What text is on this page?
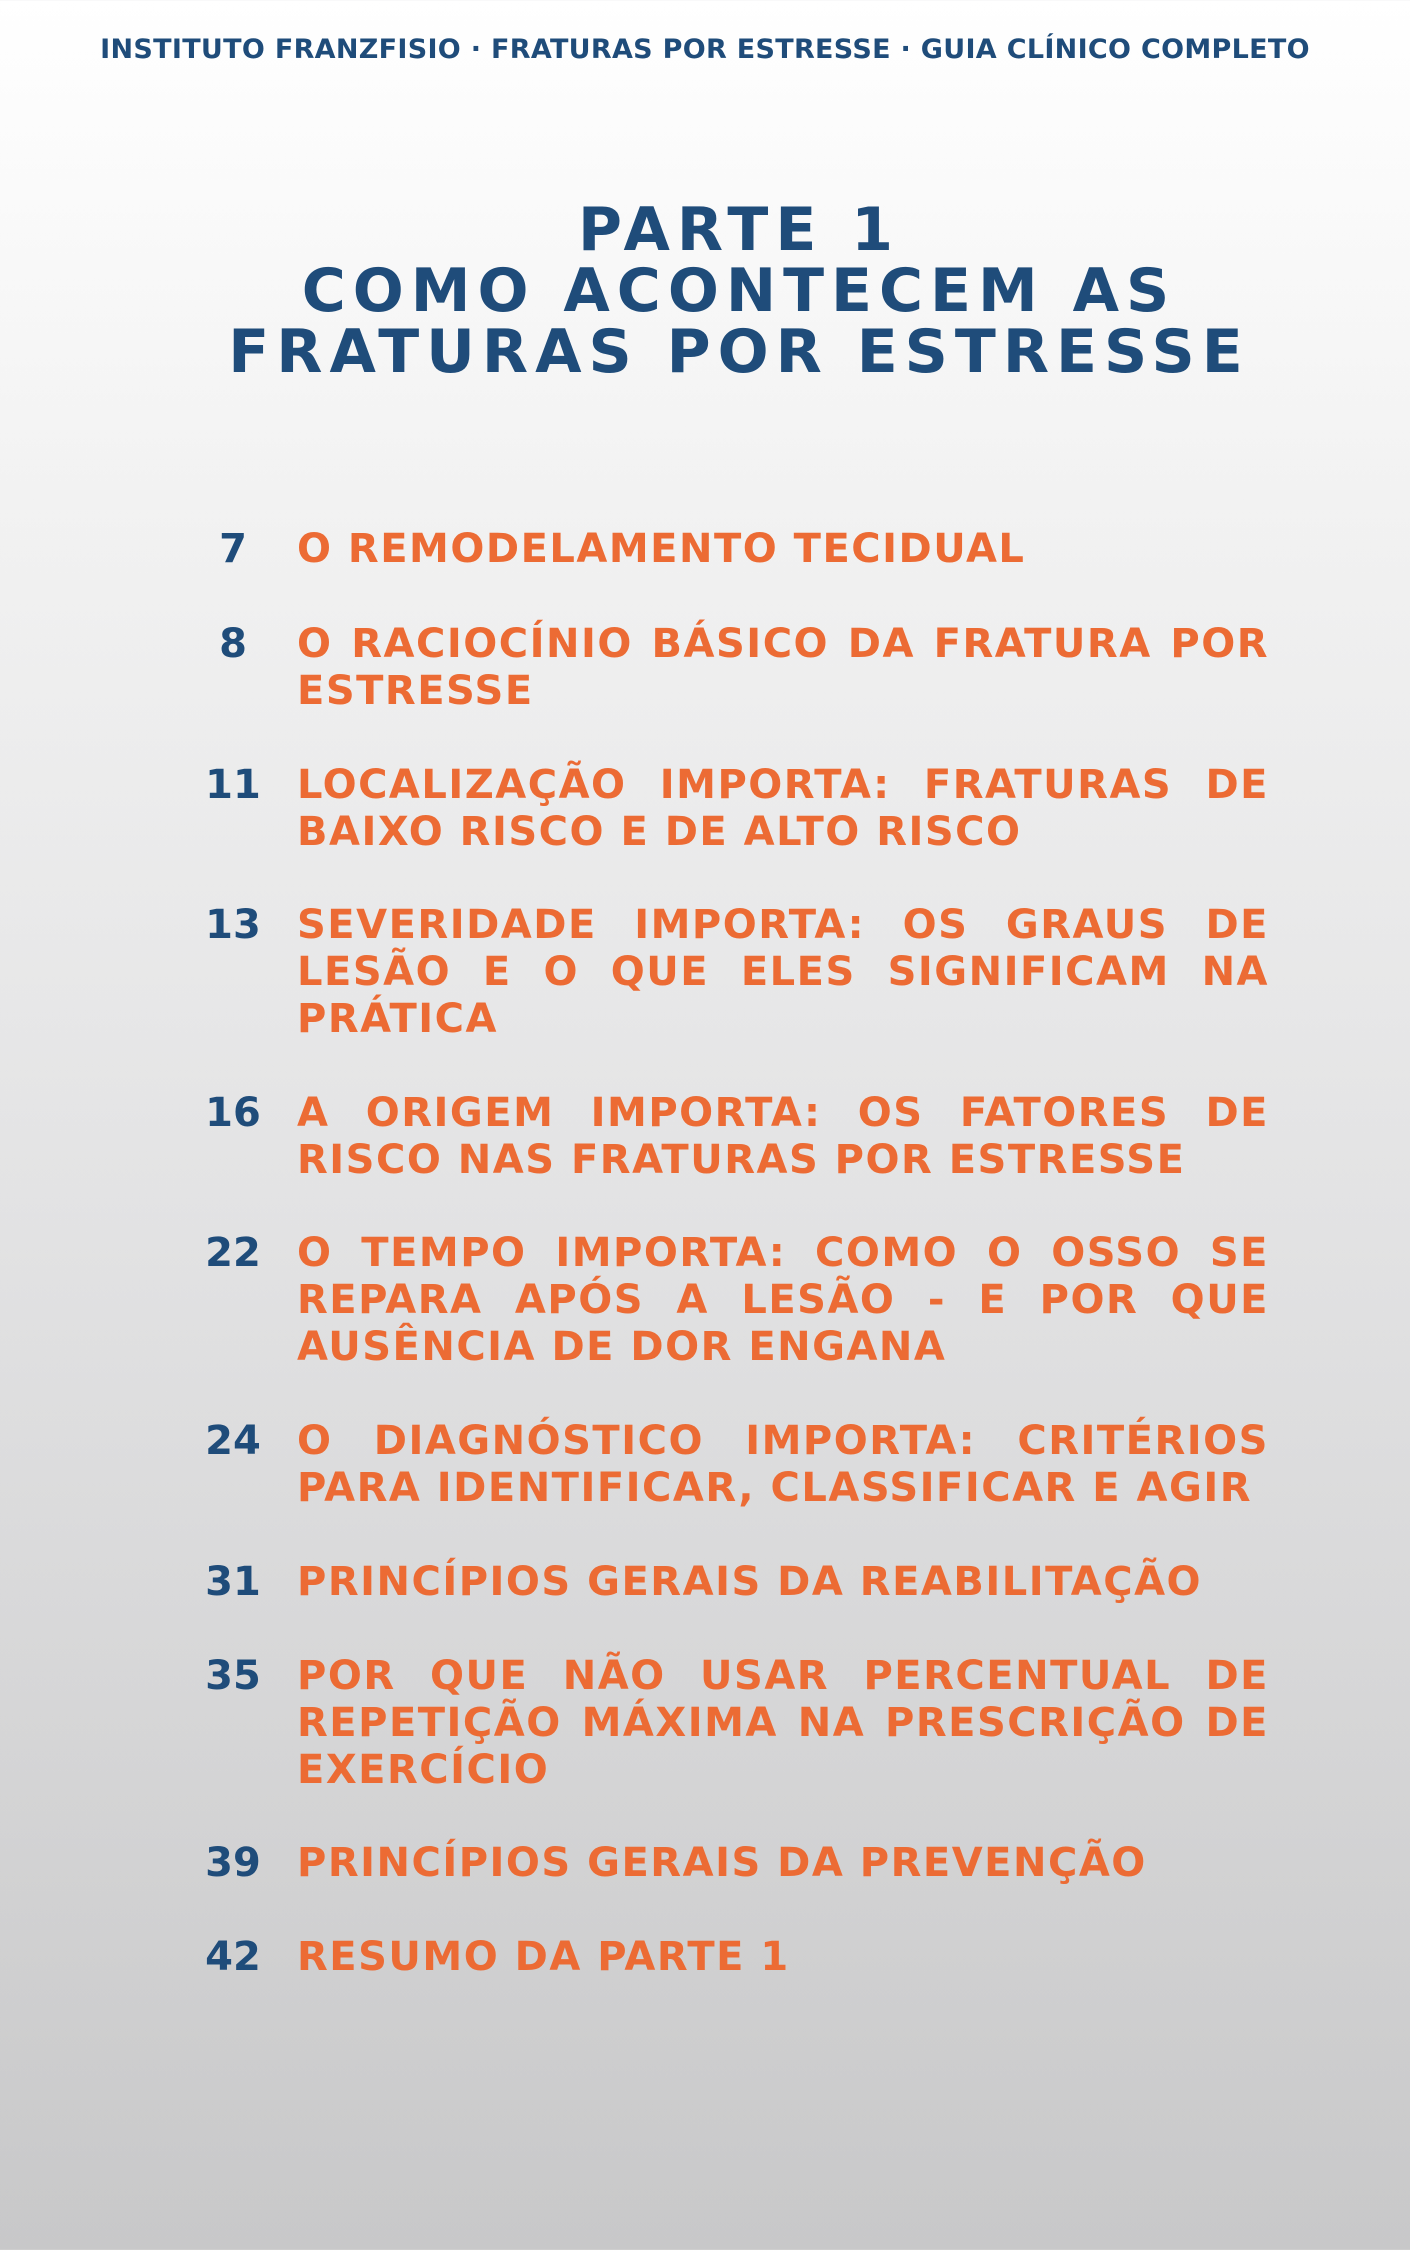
INSTITUTO FRANZFISIO · FRATURAS POR ESTRESSE · GUIA CLÍNICO COMPLETO
PARTE 1
COMO ACONTECEM AS
FRATURAS POR ESTRESSE
7	O REMODELAMENTO TECIDUAL
8	O RACIOCÍNIO BÁSICO DA FRATURA POR ESTRESSE
11 LOCALIZAÇÃO IMPORTA: FRATURAS DE BAIXO RISCO E DE ALTO RISCO
13 SEVERIDADE IMPORTA: OS GRAUS DE LESÃO E O QUE ELES SIGNIFICAM NA PRÁTICA
16 A ORIGEM IMPORTA: OS FATORES DE RISCO NAS FRATURAS POR ESTRESSE
22 O TEMPO IMPORTA: COMO O OSSO SE REPARA APÓS A LESÃO - E POR QUE AUSÊNCIA DE DOR ENGANA
24 O DIAGNÓSTICO IMPORTA: CRITÉRIOS PARA IDENTIFICAR, CLASSIFICAR E AGIR
31 PRINCÍPIOS GERAIS DA REABILITAÇÃO
35 POR QUE NÃO USAR PERCENTUAL DE REPETIÇÃO MÁXIMA NA PRESCRIÇÃO DE EXERCÍCIO
39 PRINCÍPIOS GERAIS DA PREVENÇÃO
42 RESUMO DA PARTE 1
